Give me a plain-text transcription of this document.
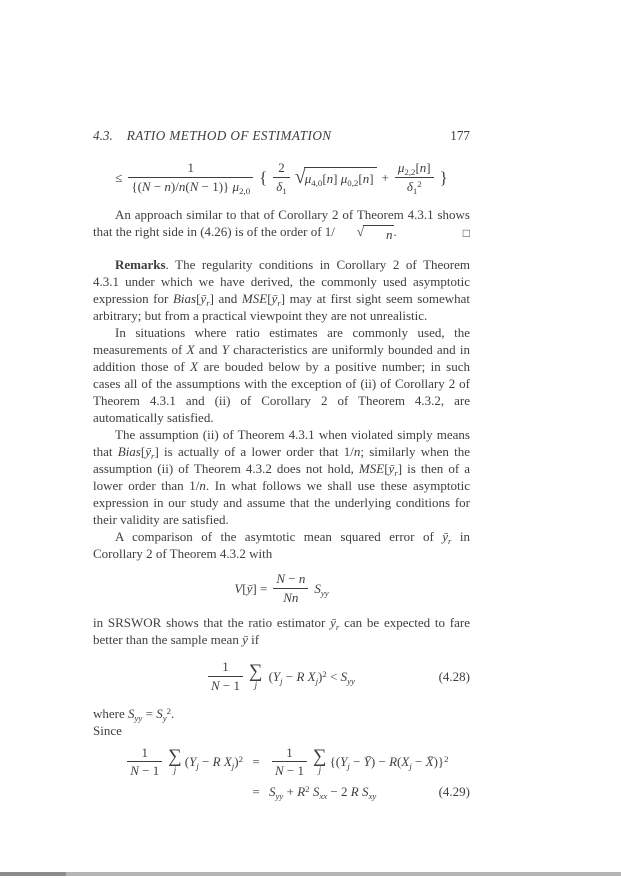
4.3. RATIO METHOD OF ESTIMATION	177
≤ $\frac{1}{\{(N - n)/n(N - 1)\} \mu_{2,0}}$ { $\frac{2}{\delta_1}$ √ $\mu_{4,0}[n] \mu_{0,2}[n] + \frac{\mu_{2,2}[n]}{\delta_1^2}$ }

An approach similar to that of Corollary 2 of Theorem 4.3.1 shows that the right side in (4.26) is of the order of 1/	√	n .	□

Remarks. The regularity conditions in Corollary 2 of Theorem 4.3.1 under which we have derived, the commonly used asymptotic expression for $Bias[ȳ_r]$ and $MSE[ȳ_r]$ may at first sight seem somewhat arbitrary; but from a practical viewpoint they are not unrealistic.

In situations where ratio estimates are commonly used, the measurements of X and Y characteristics are uniformly bounded and in addition those of X are bouded below by a positive number; in such cases all of the assumptions with the exception of (ii) of Corollary 2 of Theorem 4.3.1 and (ii) of Corollary 2 of Theorem 4.3.2, are automatically satisfied.

The assumption (ii) of Theorem 4.3.1 when violated simply means that $Bias[ȳ_r]$ is actually of a lower order that 1/n; similarly when the assumption (ii) of Theorem 4.3.2 does not hold, $MSE[ȳ_r]$ is then of a lower order than 1/n. In what follows we shall use these asymptotic expression in our study and assume that the underlying conditions for their validity are satisfied.

A comparison of the asymtotic mean squared error of $ȳ_r$ in Corollary 2 of Theorem 4.3.2 with

V[ȳ] = $\frac{N - n}{Nn} S_{yy}$

in SRSWOR shows that the ratio estimator $ȳ_r$ can be expected to fare better than the sample mean ȳ if

$\frac{1}{N - 1}$ ∑
j
($Y_j - R$ $X_j)^2 < S_{yy}$	(4.28)

where $S_{yy} = S_y^2$.

Since

$\frac{1}{N - 1}$ ∑
j
($Y_j - R$ $X_j)^2 = \frac{1}{N - 1}$ ∑
j
{($Y_j$ − Ȳ) − $R(X_j$ − X̄)}$^2$
= $S_{yy} + R^2$ $S_{xx} - 2$ R $S_{xy}$	(4.29)
